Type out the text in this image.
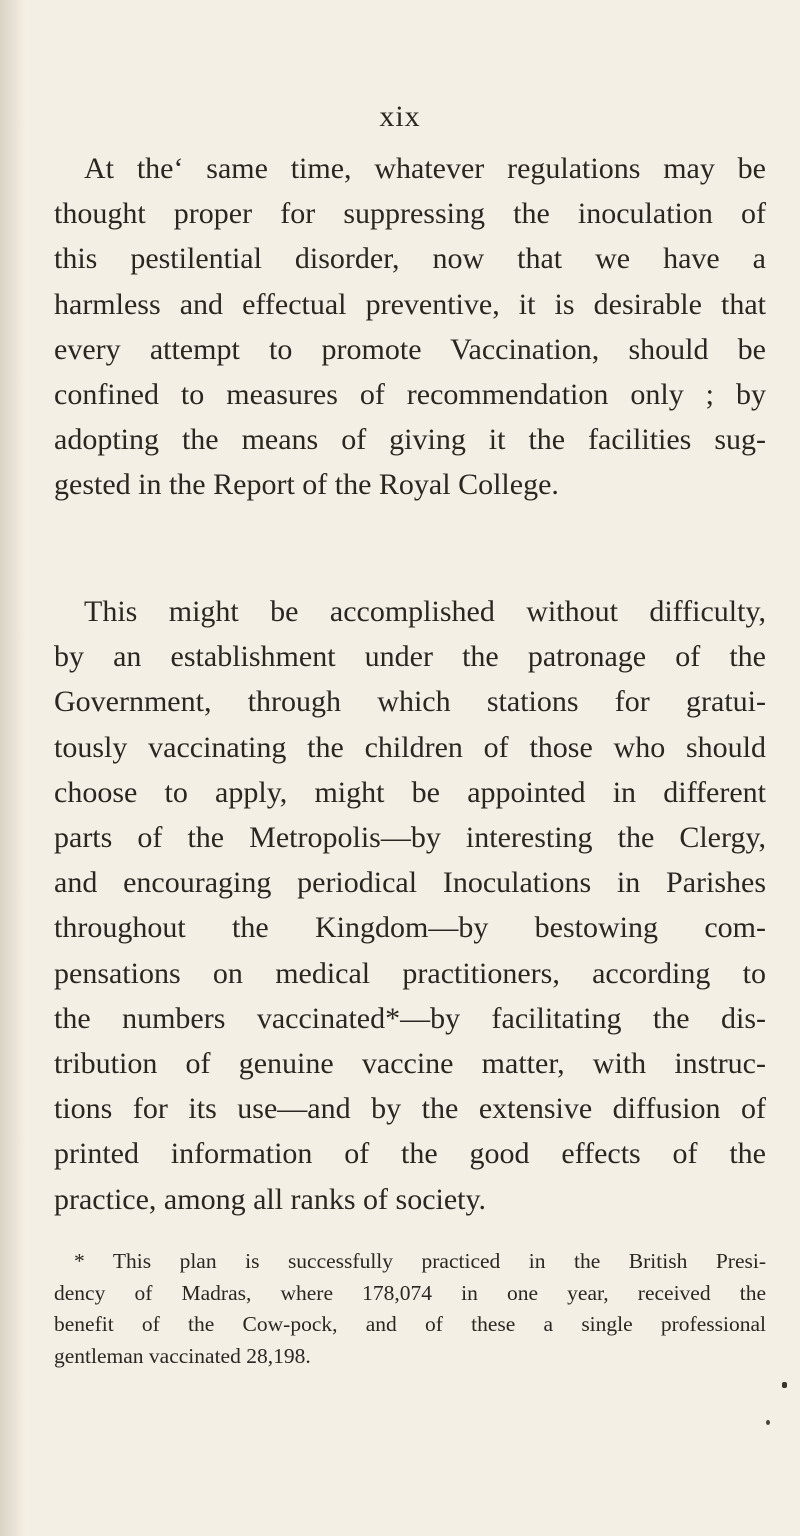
xix
At theʻ same time, whatever regulations may be
thought proper for suppressing the inoculation of
this pestilential disorder, now that we have a
harmless and effectual preventive, it is desirable that
every attempt to promote Vaccination, should be
confined to measures of recommendation only ; by
adopting the means of giving it the facilities sug-
gested in the Report of the Royal College.
This might be accomplished without difficulty,
by an establishment under the patronage of the
Government, through which stations for gratui-
tously vaccinating the children of those who should
choose to apply, might be appointed in different
parts of the Metropolis—by interesting the Clergy,
and encouraging periodical Inoculations in Parishes
throughout the Kingdom—by bestowing com-
pensations on medical practitioners, according to
the numbers vaccinated*—by facilitating the dis-
tribution of genuine vaccine matter, with instruc-
tions for its use—and by the extensive diffusion of
printed information of the good effects of the
practice, among all ranks of society.
* This plan is successfully practiced in the British Presi-
dency of Madras, where 178,074 in one year, received the
benefit of the Cow-pock, and of these a single professional
gentleman vaccinated 28,198.
